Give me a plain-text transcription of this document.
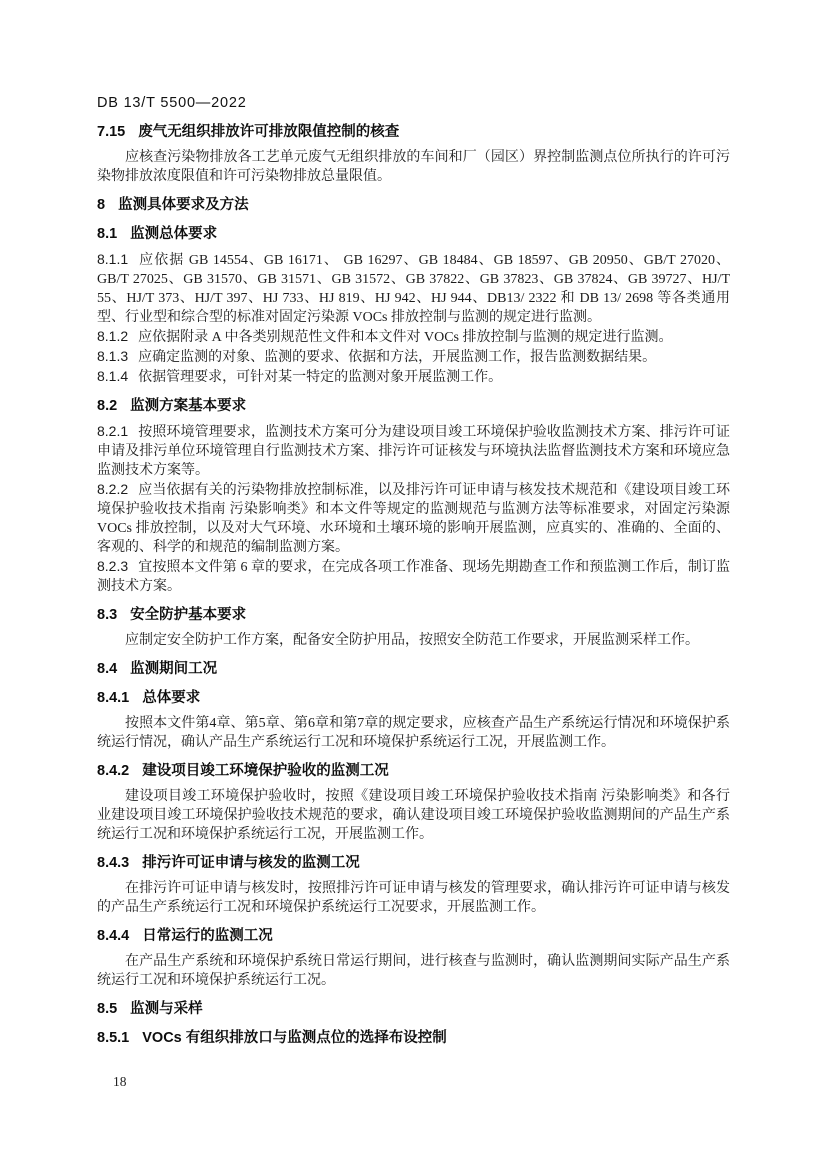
DB 13/T 5500—2022
7.15 废气无组织排放许可排放限值控制的核查

应核查污染物排放各工艺单元废气无组织排放的车间和厂（园区）界控制监测点位所执行的许可污染物排放浓度限值和许可污染物排放总量限值。

8 监测具体要求及方法
8.1 监测总体要求

8.1.1 应依据 GB 14554、GB 16171、 GB 16297、GB 18484、GB 18597、GB 20950、GB/T 27020、GB/T 27025、GB 31570、GB 31571、GB 31572、GB 37822、GB 37823、GB 37824、GB 39727、HJ/T 55、HJ/T 373、HJ/T 397、HJ 733、HJ 819、HJ 942、HJ 944、DB13/ 2322 和 DB 13/ 2698 等各类通用型、行业型和综合型的标准对固定污染源 VOCs 排放控制与监测的规定进行监测。

8.1.2 应依据附录 A 中各类别规范性文件和本文件对 VOCs 排放控制与监测的规定进行监测。

8.1.3 应确定监测的对象、监测的要求、依据和方法，开展监测工作，报告监测数据结果。

8.1.4 依据管理要求，可针对某一特定的监测对象开展监测工作。

8.2 监测方案基本要求

8.2.1 按照环境管理要求，监测技术方案可分为建设项目竣工环境保护验收监测技术方案、排污许可证申请及排污单位环境管理自行监测技术方案、排污许可证核发与环境执法监督监测技术方案和环境应急监测技术方案等。

8.2.2 应当依据有关的污染物排放控制标准，以及排污许可证申请与核发技术规范和《建设项目竣工环境保护验收技术指南 污染影响类》和本文件等规定的监测规范与监测方法等标准要求，对固定污染源 VOCs 排放控制，以及对大气环境、水环境和土壤环境的影响开展监测，应真实的、准确的、全面的、客观的、科学的和规范的编制监测方案。

8.2.3 宜按照本文件第 6 章的要求，在完成各项工作准备、现场先期勘查工作和预监测工作后，制订监测技术方案。

8.3 安全防护基本要求

应制定安全防护工作方案，配备安全防护用品，按照安全防范工作要求，开展监测采样工作。

8.4 监测期间工况
8.4.1 总体要求

按照本文件第4章、第5章、第6章和第7章的规定要求，应核查产品生产系统运行情况和环境保护系统运行情况，确认产品生产系统运行工况和环境保护系统运行工况，开展监测工作。

8.4.2 建设项目竣工环境保护验收的监测工况

建设项目竣工环境保护验收时，按照《建设项目竣工环境保护验收技术指南 污染影响类》和各行业建设项目竣工环境保护验收技术规范的要求，确认建设项目竣工环境保护验收监测期间的产品生产系统运行工况和环境保护系统运行工况，开展监测工作。

8.4.3 排污许可证申请与核发的监测工况

在排污许可证申请与核发时，按照排污许可证申请与核发的管理要求，确认排污许可证申请与核发的产品生产系统运行工况和环境保护系统运行工况要求，开展监测工作。

8.4.4 日常运行的监测工况

在产品生产系统和环境保护系统日常运行期间，进行核查与监测时，确认监测期间实际产品生产系统运行工况和环境保护系统运行工况。

8.5 监测与采样
8.5.1 VOCs 有组织排放口与监测点位的选择布设控制
18
